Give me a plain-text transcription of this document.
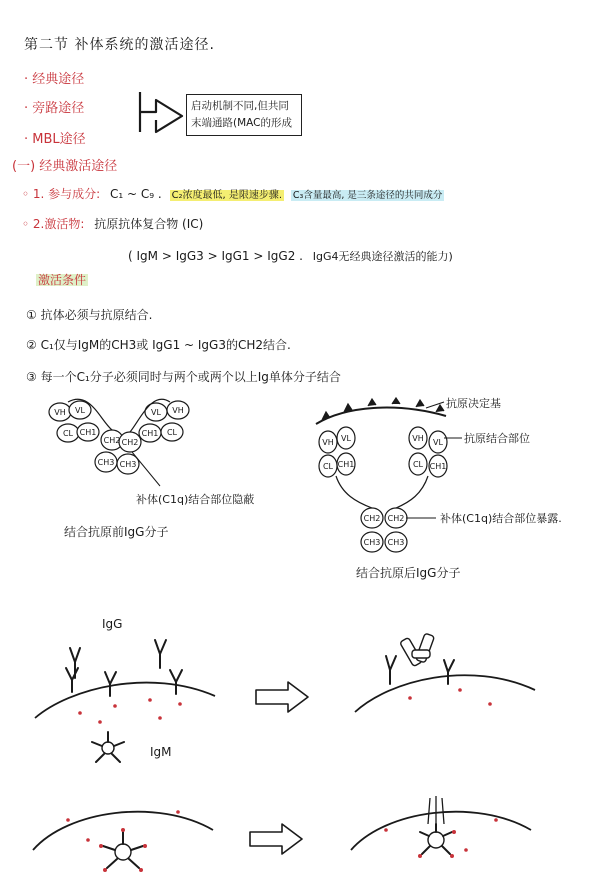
第二节 补体系统的激活途径.
· 经典途径
· 旁路途径
· MBL途径
启动机制不同,但共同
末端通路(MAC的形成
(一) 经典激活途径
◦ 1. 参与成分: C₁ ~ C₉ . C₂浓度最低, 是限速步骤. C₃含量最高, 是三条途径的共同成分
◦ 2.激活物: 抗原抗体复合物 (IC)
( IgM > IgG3 > IgG1 > IgG2 . IgG4无经典途径激活的能力)
激活条件
① 抗体必须与抗原结合.
② C₁仅与IgM的CH3或 IgG1 ~ IgG3的CH2结合.
③ 每一个C₁分子必须同时与两个或两个以上Ig单体分子结合
VH VL
CL CH1
CH2
CH3
CH1 CL
VH
VL
CH2
CH3
补体(C1q)结合部位隐蔽
结合抗原前IgG分子
VH VL
CL CH1
VH VL
CL CH1
CH2 CH2
CH3 CH3
抗原决定基
抗原结合部位
补体(C1q)结合部位暴露.
结合抗原后IgG分子
IgG
IgM
